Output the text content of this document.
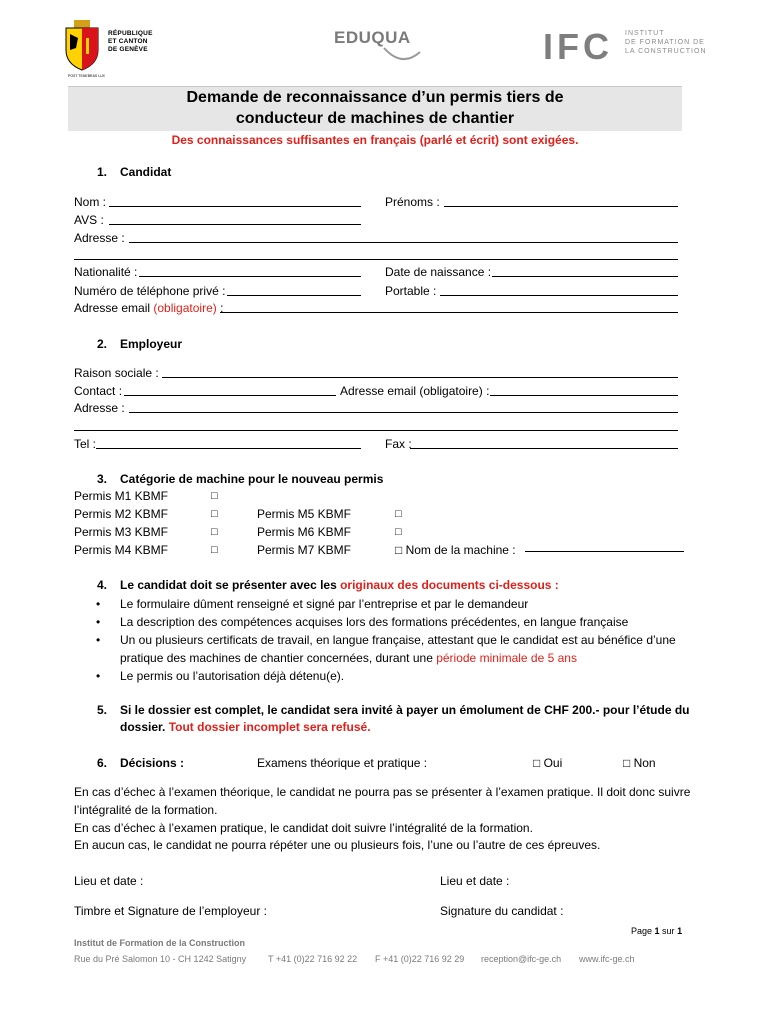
RÉPUBLIQUE
ET CANTON
DE GENÈVE
POST TENEBRAS LUX
EDUQUA	IFC INSTITUT
DE FORMATION DE
LA CONSTRUCTION
Demande de reconnaissance d’un permis tiers de
conducteur de machines de chantier
Des connaissances suffisantes en français (parlé et écrit) sont exigées.
1. Candidat
Nom :	Prénoms :
AVS :
Adresse :
Nationalité :	Date de naissance :
Numéro de téléphone privé :	Portable :
Adresse email (obligatoire) :
2. Employeur
Raison sociale :
Contact :	Adresse email (obligatoire) :
Adresse :
Tel :	Fax :
3. Catégorie de machine pour le nouveau permis
Permis M1 KBMF	□
Permis M2 KBMF	□	Permis M5 KBMF	□
Permis M3 KBMF	□	Permis M6 KBMF	□
Permis M4 KBMF	□	Permis M7 KBMF	□ Nom de la machine :
4. Le candidat doit se présenter avec les originaux des documents ci-dessous :
• Le formulaire dûment renseigné et signé par l’entreprise et par le demandeur
• La description des compétences acquises lors des formations précédentes, en langue française
• Un ou plusieurs certificats de travail, en langue française, attestant que le candidat est au bénéfice d’une
pratique des machines de chantier concernées, durant une période minimale de 5 ans
• Le permis ou l’autorisation déjà détenu(e).
5. Si le dossier est complet, le candidat sera invité à payer un émolument de CHF 200.- pour l’étude du
dossier. Tout dossier incomplet sera refusé.
6. Décisions :	Examens théorique et pratique :	□ Oui	□ Non
En cas d’échec à l’examen théorique, le candidat ne pourra pas se présenter à l’examen pratique. Il doit donc suivre
l’intégralité de la formation.
En cas d’échec à l’examen pratique, le candidat doit suivre l’intégralité de la formation.
En aucun cas, le candidat ne pourra répéter une ou plusieurs fois, l’une ou l’autre de ces épreuves.
Lieu et date :	Lieu et date :
Timbre et Signature de l’employeur :	Signature du candidat :
Page 1 sur 1
Institut de Formation de la Construction
Rue du Pré Salomon 10 - CH 1242 Satigny T +41 (0)22 716 92 22 F +41 (0)22 716 92 29 reception@ifc-ge.ch www.ifc-ge.ch
